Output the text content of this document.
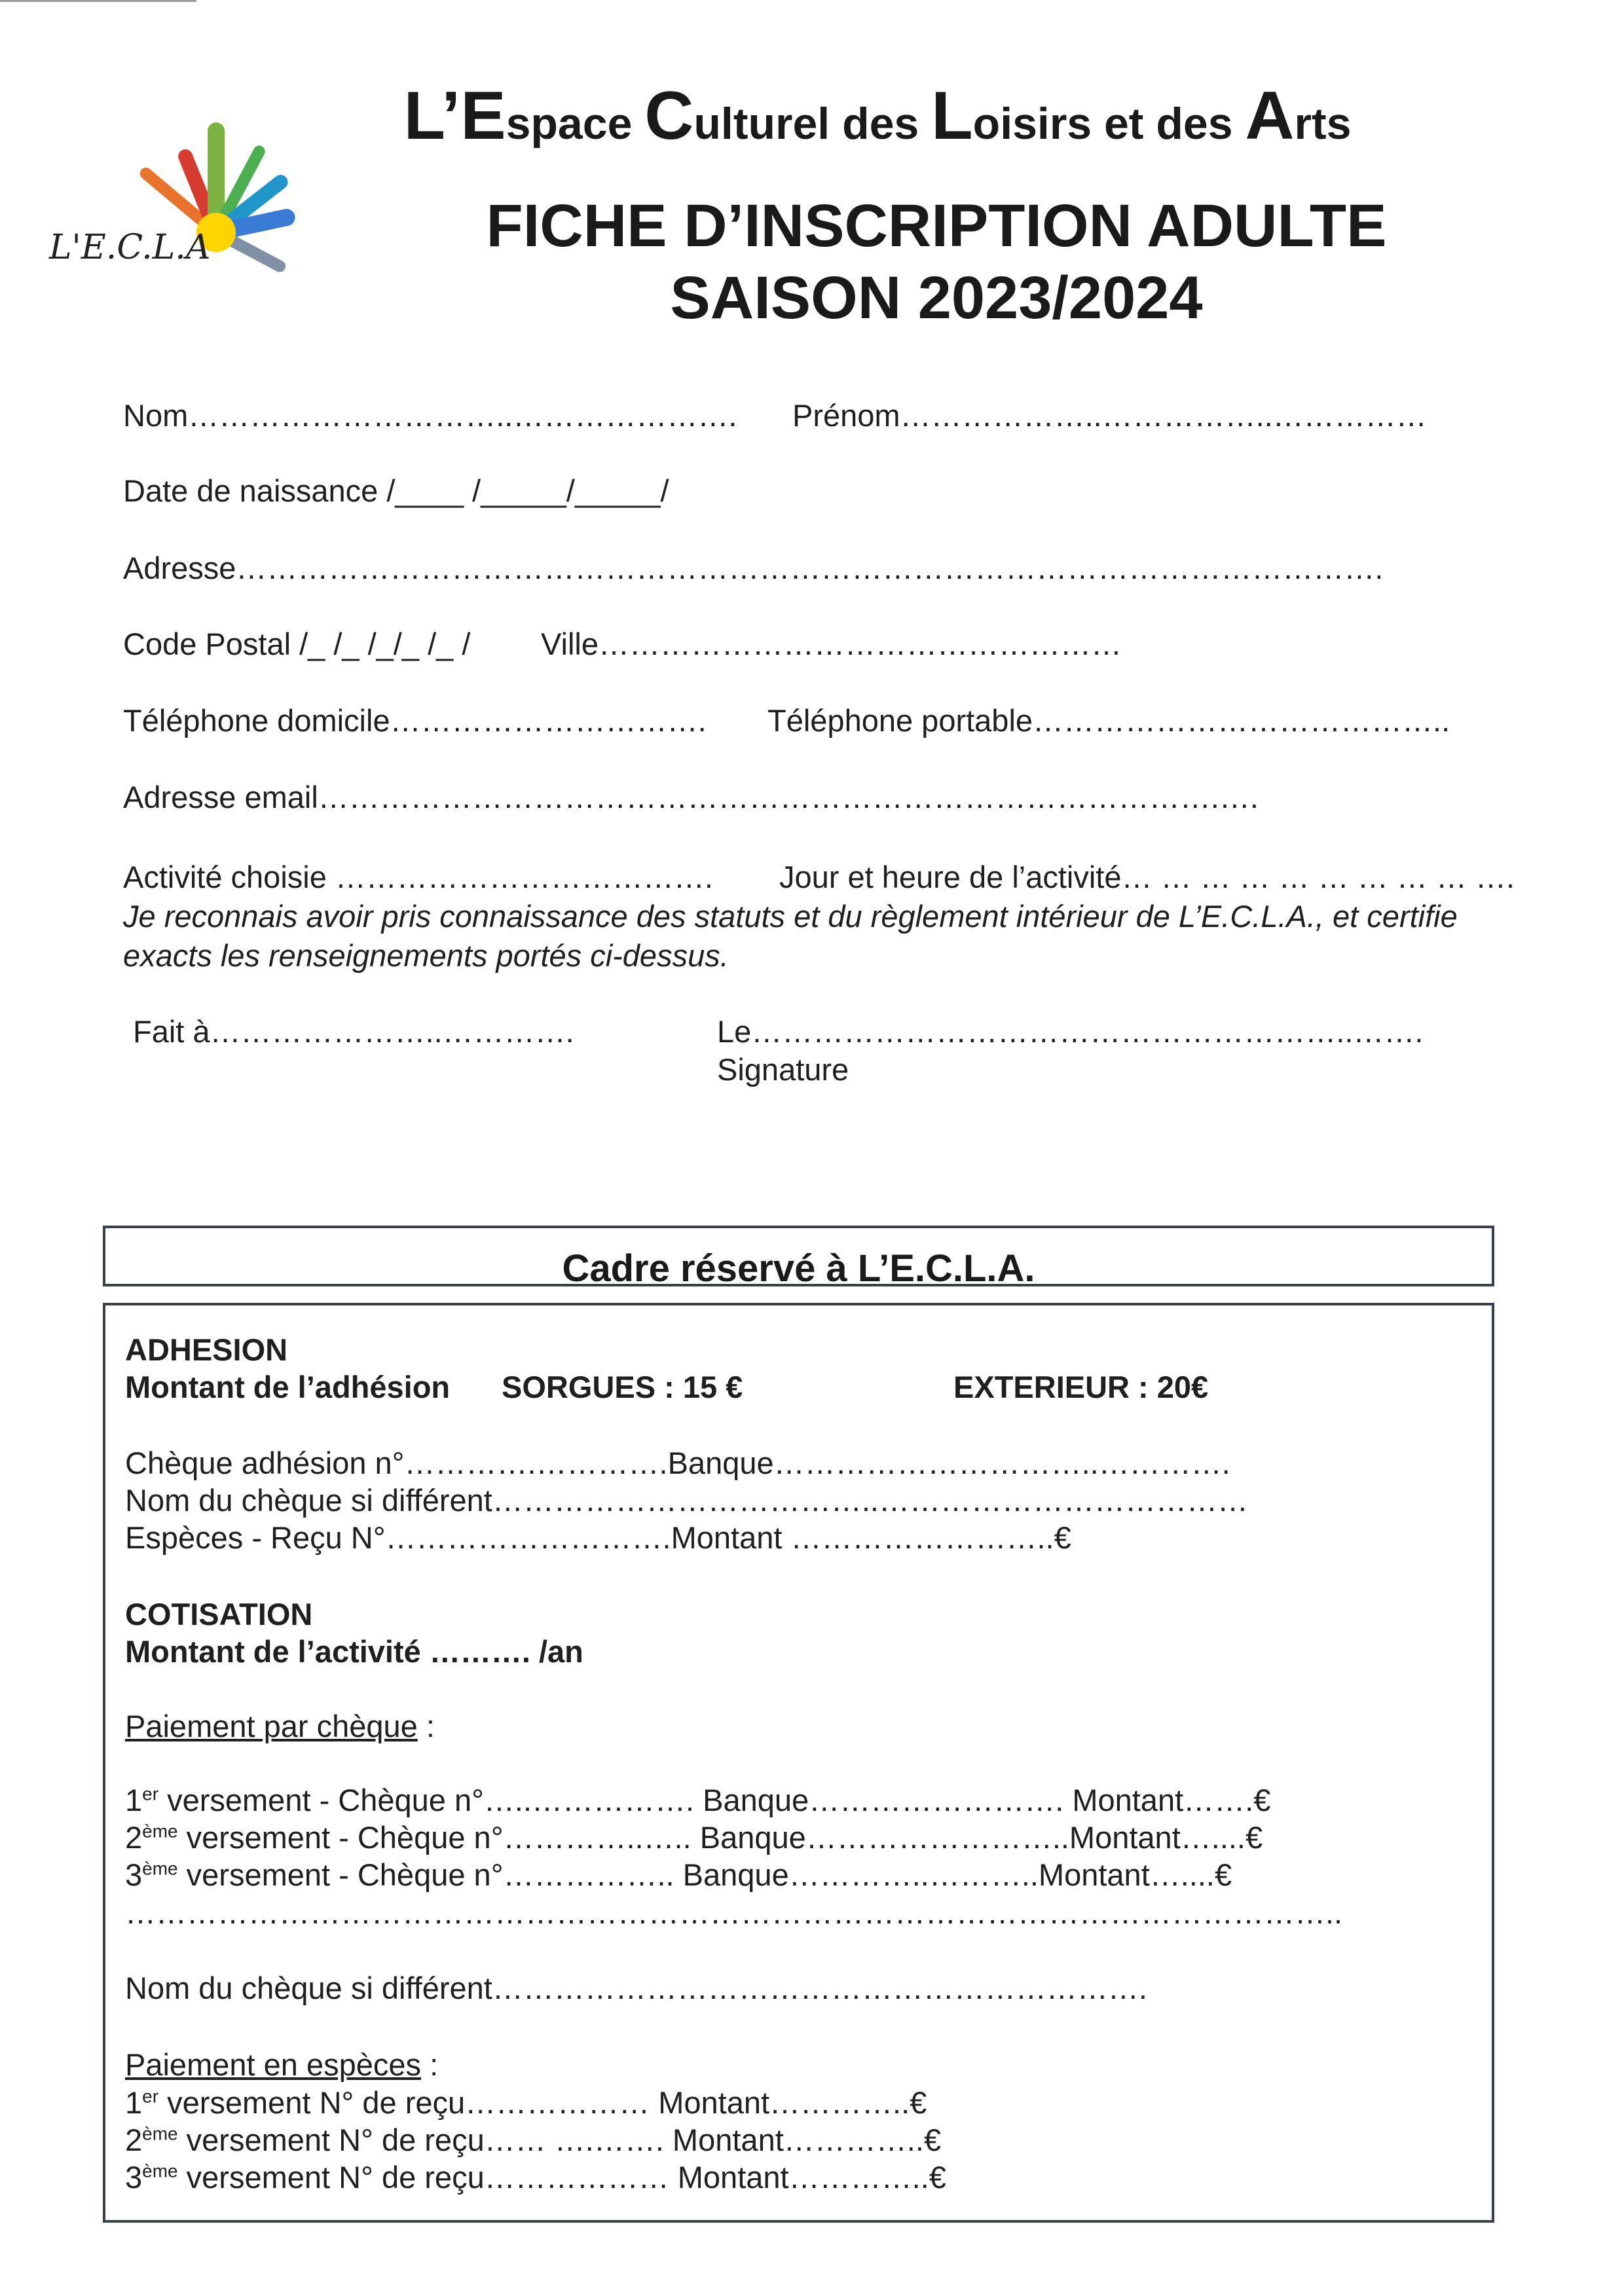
L'E.C.L.A
L’Espace Culturel des Loisirs et des Arts
FICHE D’INSCRIPTION ADULTE
SAISON 2023/2024
Nom…………………………..…………………. Prénom………………..……………..……………
Date de naissance /____ /_____/_____/
Adresse………………………………………………………………………………………………….
Code Postal /_ /_ /_/_ /_ / Ville……………………………………………
Téléphone domicile…………………………. Téléphone portable…………………………………..
Adresse email…………………………………………………………………………….….
Activité choisie ………………………………. Jour et heure de l’activité… … … … … … … … … ….
Je reconnais avoir pris connaissance des statuts et du règlement intérieur de L’E.C.L.A., et certifie
exacts les renseignements portés ci-dessus.
Fait à…………………..………….	Le…………………………………………………..…….
Signature
Cadre réservé à L’E.C.L.A.
ADHESION
Montant de l’adhésion SORGUES : 15 €	EXTERIEUR : 20€
Chèque adhésion n°………….………….Banque…………………………..………….
Nom du chèque si différent………………………………..………………………………
Espèces - Reçu N°……………………….Montant ……………………..€
COTISATION
Montant de l’activité ………. /an
Paiement par chèque :
1er versement - Chèque n°…..……………. Banque……………………. Montant…….€
2ème versement - Chèque n°…………..….. Banque……………………..Montant…....€
3ème versement - Chèque n°…………….. Banque…………..………..Montant…....€
………………………………………………………………………………………………………..
Nom du chèque si différent……………………………………………………….
Paiement en espèces :
1er versement N° de reçu……………… Montant…………..€
2ème versement N° de reçu…… ….……. Montant…………..€
3ème versement N° de reçu……………… Montant…………..€
